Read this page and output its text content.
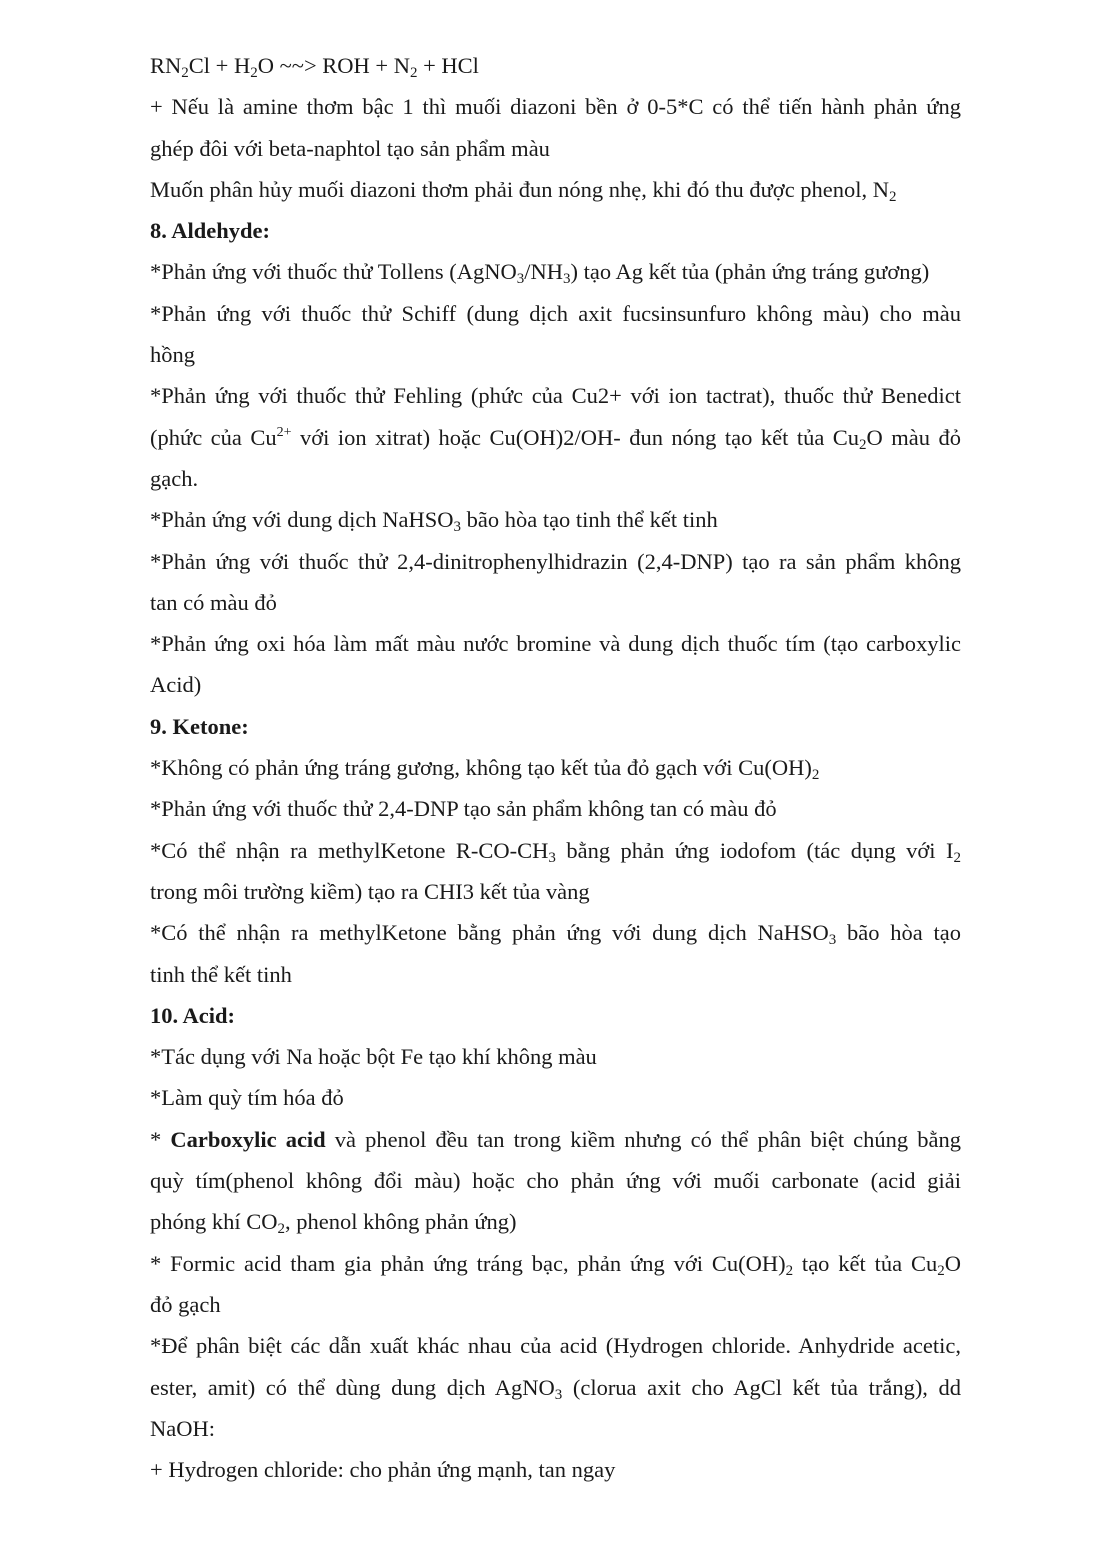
$RN_2Cl + H_2O$ ~~> ROH + $N_2$ + HCl

+ Nếu là amine thơm bậc 1 thì muối diazoni bền ở 0-5*C có thể tiến hành phản ứng

ghép đôi với beta-naphtol tạo sản phẩm màu

Muốn phân hủy muối diazoni thơm phải đun nóng nhẹ, khi đó thu được phenol, $N_2$

8. Aldehyde:

*Phản ứng với thuốc thử Tollens $(AgNO_3/NH_3)$ tạo Ag kết tủa (phản ứng tráng gương)

*Phản ứng với thuốc thử Schiff (dung dịch axit fucsinsunfuro không màu) cho màu

hồng

*Phản ứng với thuốc thử Fehling (phức của Cu2+ với ion tactrat), thuốc thử Benedict

(phức của $Cu^{2+}$ với ion xitrat) hoặc Cu(OH)2/OH- đun nóng tạo kết tủa $Cu_2O$ màu đỏ

gạch.

*Phản ứng với dung dịch NaHSO$_3$ bão hòa tạo tinh thể kết tinh

*Phản ứng với thuốc thử 2,4-dinitrophenylhidrazin (2,4-DNP) tạo ra sản phẩm không

tan có màu đỏ

*Phản ứng oxi hóa làm mất màu nước bromine và dung dịch thuốc tím (tạo carboxylic

Acid)

9. Ketone:

*Không có phản ứng tráng gương, không tạo kết tủa đỏ gạch với $Cu(OH)_2$

*Phản ứng với thuốc thử 2,4-DNP tạo sản phẩm không tan có màu đỏ

*Có thể nhận ra methylKetone $R-CO-CH_3$ bằng phản ứng iodofom (tác dụng với $I_2$

trong môi trường kiềm) tạo ra CHI3 kết tủa vàng

*Có thể nhận ra methylKetone bằng phản ứng với dung dịch NaHSO$_3$ bão hòa tạo

tinh thể kết tinh

10. Acid:

*Tác dụng với Na hoặc bột Fe tạo khí không màu

*Làm quỳ tím hóa đỏ

* Carboxylic acid và phenol đều tan trong kiềm nhưng có thể phân biệt chúng bằng

quỳ tím(phenol không đổi màu) hoặc cho phản ứng với muối carbonate (acid giải

phóng khí $CO_2$, phenol không phản ứng)

* Formic acid tham gia phản ứng tráng bạc, phản ứng với $Cu(OH)_2$ tạo kết tủa $Cu_2O$

đỏ gạch

*Để phân biệt các dẫn xuất khác nhau của acid (Hydrogen chloride. Anhydride acetic,

ester, amit) có thể dùng dung dịch AgNO$_3$ (clorua axit cho AgCl kết tủa trắng), dd

NaOH:

+ Hydrogen chloride: cho phản ứng mạnh, tan ngay
